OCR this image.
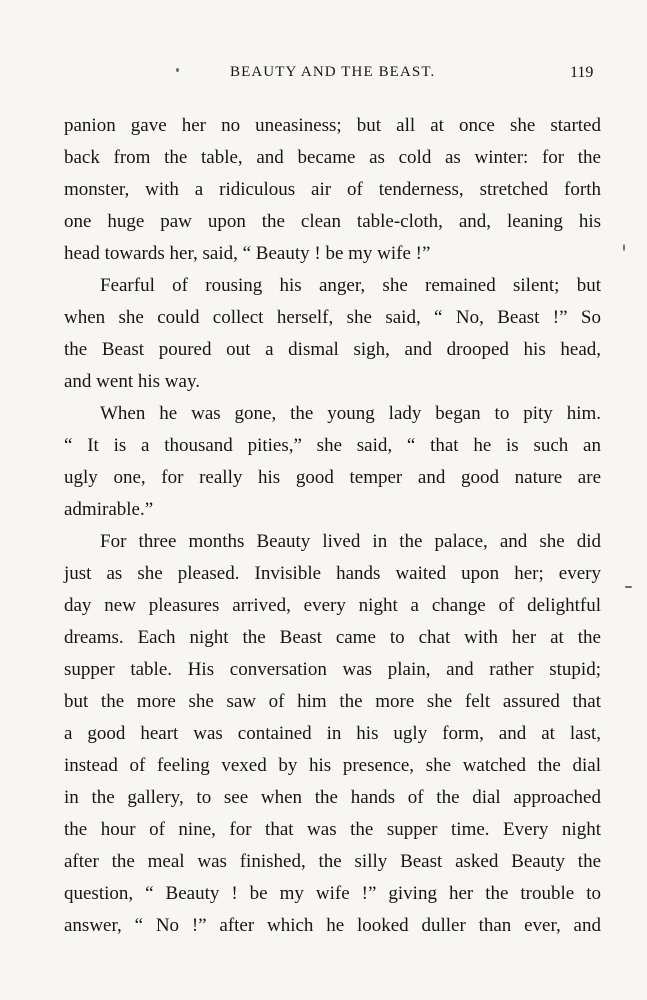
BEAUTY AND THE BEAST.	119
panion gave her no uneasiness; but all at once she started
back from the table, and became as cold as winter: for the
monster, with a ridiculous air of tenderness, stretched forth
one huge paw upon the clean table-cloth, and, leaning his
head towards her, said, “ Beauty ! be my wife !”
Fearful of rousing his anger, she remained silent; but
when she could collect herself, she said, “ No, Beast !” So
the Beast poured out a dismal sigh, and drooped his head,
and went his way.
When he was gone, the young lady began to pity him.
“ It is a thousand pities,” she said, “ that he is such an
ugly one, for really his good temper and good nature are
admirable.”
For three months Beauty lived in the palace, and she did
just as she pleased. Invisible hands waited upon her; every
day new pleasures arrived, every night a change of delightful
dreams. Each night the Beast came to chat with her at the
supper table. His conversation was plain, and rather stupid;
but the more she saw of him the more she felt assured that
a good heart was contained in his ugly form, and at last,
instead of feeling vexed by his presence, she watched the dial
in the gallery, to see when the hands of the dial approached
the hour of nine, for that was the supper time. Every night
after the meal was finished, the silly Beast asked Beauty the
question, “ Beauty ! be my wife !” giving her the trouble to
answer, “ No !” after which he looked duller than ever, and
